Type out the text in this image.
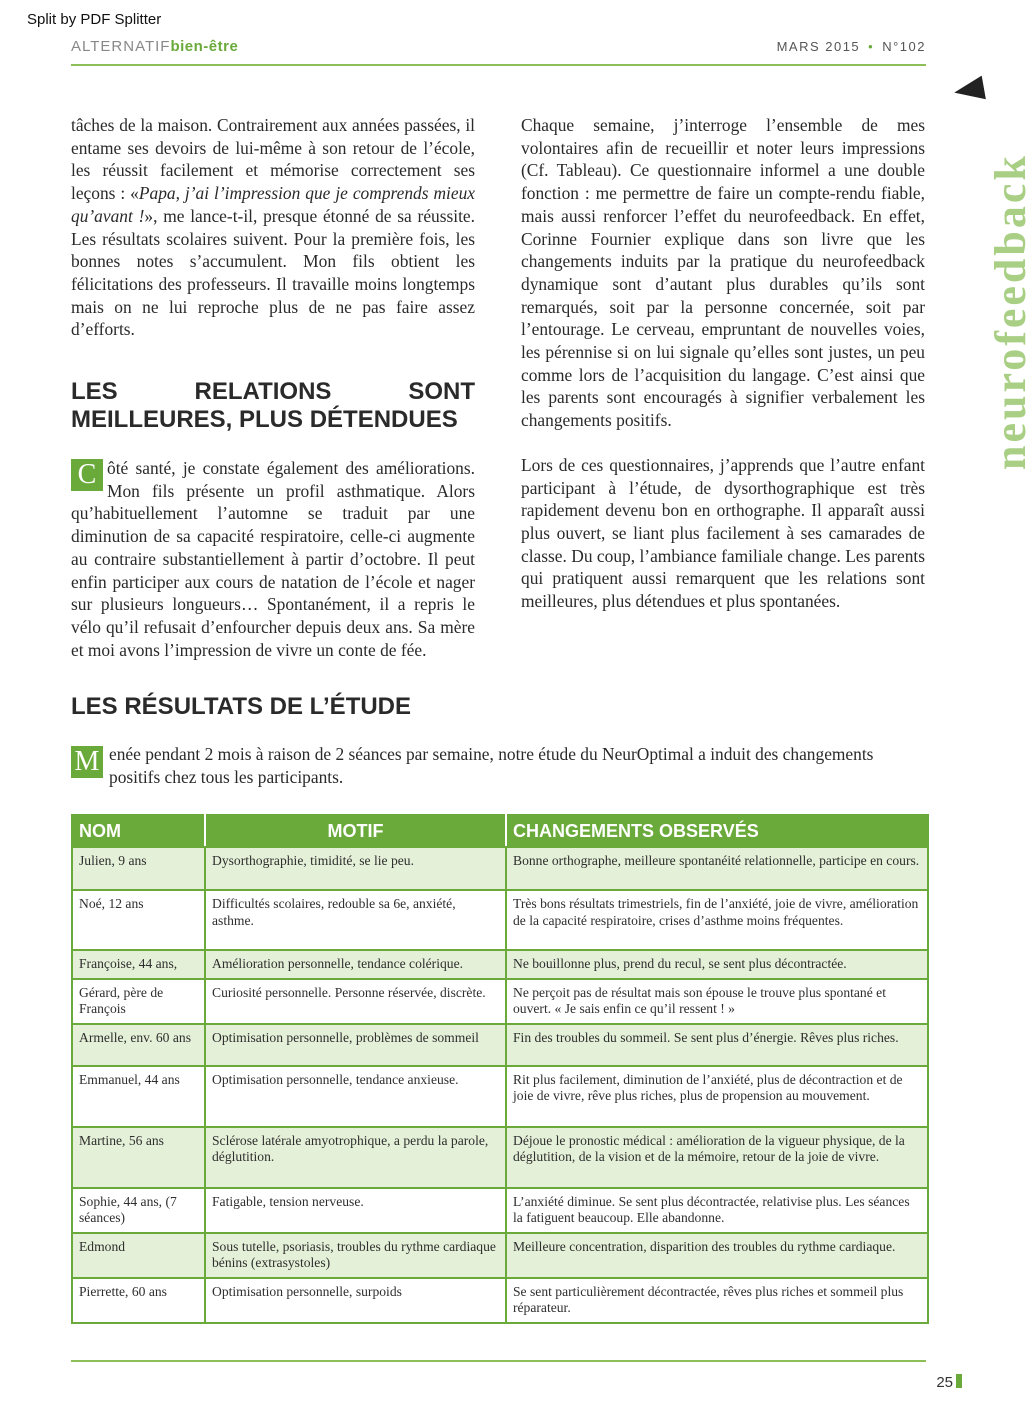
Split by PDF Splitter
ALTERNATIFbien-être	MARS 2015 • N°102
neurofeedback

tâches de la maison. Contrairement aux années passées, il entame ses devoirs de lui-même à son retour de l’école, les réussit facilement et mémorise correctement ses leçons : «Papa, j’ai l’impression que je comprends mieux qu’avant !», me lance-t-il, presque étonné de sa réussite. Les résultats scolaires suivent. Pour la première fois, les bonnes notes s’accumulent. Mon fils obtient les félicitations des professeurs. Il travaille moins longtemps mais on ne lui reproche plus de ne pas faire assez d’efforts.

LES RELATIONS SONT MEILLEURES, PLUS DÉTENDUES

C ôté santé, je constate également des améliorations. Mon fils présente un profil asthmatique. Alors qu’habituellement l’automne se traduit par une diminution de sa capacité respiratoire, celle-ci augmente au contraire substantiellement à partir d’octobre. Il peut enfin participer aux cours de natation de l’école et nager sur plusieurs longueurs… Spontanément, il a repris le vélo qu’il refusait d’enfourcher depuis deux ans. Sa mère et moi avons l’impression de vivre un conte de fée.

Chaque semaine, j’interroge l’ensemble de mes volontaires afin de recueillir et noter leurs impressions (Cf. Tableau). Ce questionnaire informel a une double fonction : me permettre de faire un compte-rendu fiable, mais aussi renforcer l’effet du neurofeedback. En effet, Corinne Fournier explique dans son livre que les changements induits par la pratique du neurofeedback dynamique sont d’autant plus durables qu’ils sont remarqués, soit par la personne concernée, soit par l’entourage. Le cerveau, empruntant de nouvelles voies, les pérennise si on lui signale qu’elles sont justes, un peu comme lors de l’acquisition du langage. C’est ainsi que les parents sont encouragés à signifier verbalement les changements positifs.

Lors de ces questionnaires, j’apprends que l’autre enfant participant à l’étude, de dysorthographique est très rapidement devenu bon en orthographe. Il apparaît aussi plus ouvert, se liant plus facilement à ses camarades de classe. Du coup, l’ambiance familiale change. Les parents qui pratiquent aussi remarquent que les relations sont meilleures, plus détendues et plus spontanées.

LES RÉSULTATS DE L’ÉTUDE
M enée pendant 2 mois à raison de 2 séances par semaine, notre étude du NeurOptimal a induit des changements positifs chez tous les participants.
NOM	MOTIF	CHANGEMENTS OBSERVÉS
Julien, 9 ans	Dysorthographie, timidité, se lie peu.	Bonne orthographe, meilleure spontanéité relationnelle, participe en cours.
Noé, 12 ans	Difficultés scolaires, redouble sa 6e, anxiété, asthme.	Très bons résultats trimestriels, fin de l’anxiété, joie de vivre, amélioration de la capacité respiratoire, crises d’asthme moins fréquentes.
Françoise, 44 ans,	Amélioration personnelle, tendance colérique.	Ne bouillonne plus, prend du recul, se sent plus décontractée.
Gérard, père de François	Curiosité personnelle. Personne réservée, discrète.	Ne perçoit pas de résultat mais son épouse le trouve plus spontané et ouvert. « Je sais enfin ce qu’il ressent ! »
Armelle, env. 60 ans	Optimisation personnelle, problèmes de sommeil	Fin des troubles du sommeil. Se sent plus d’énergie. Rêves plus riches.
Emmanuel, 44 ans	Optimisation personnelle, tendance anxieuse.	Rit plus facilement, diminution de l’anxiété, plus de décontraction et de joie de vivre, rêve plus riches, plus de propension au mouvement.
Martine, 56 ans	Sclérose latérale amyotrophique, a perdu la parole, déglutition.	Déjoue le pronostic médical : amélioration de la vigueur physique, de la déglutition, de la vision et de la mémoire, retour de la joie de vivre.
Sophie, 44 ans, (7 séances)	Fatigable, tension nerveuse.	L’anxiété diminue. Se sent plus décontractée, relativise plus. Les séances la fatiguent beaucoup. Elle abandonne.
Edmond	Sous tutelle, psoriasis, troubles du rythme cardiaque bénins (extrasystoles)	Meilleure concentration, disparition des troubles du rythme cardiaque.
Pierrette, 60 ans	Optimisation personnelle, surpoids	Se sent particulièrement décontractée, rêves plus riches et sommeil plus réparateur.
25
